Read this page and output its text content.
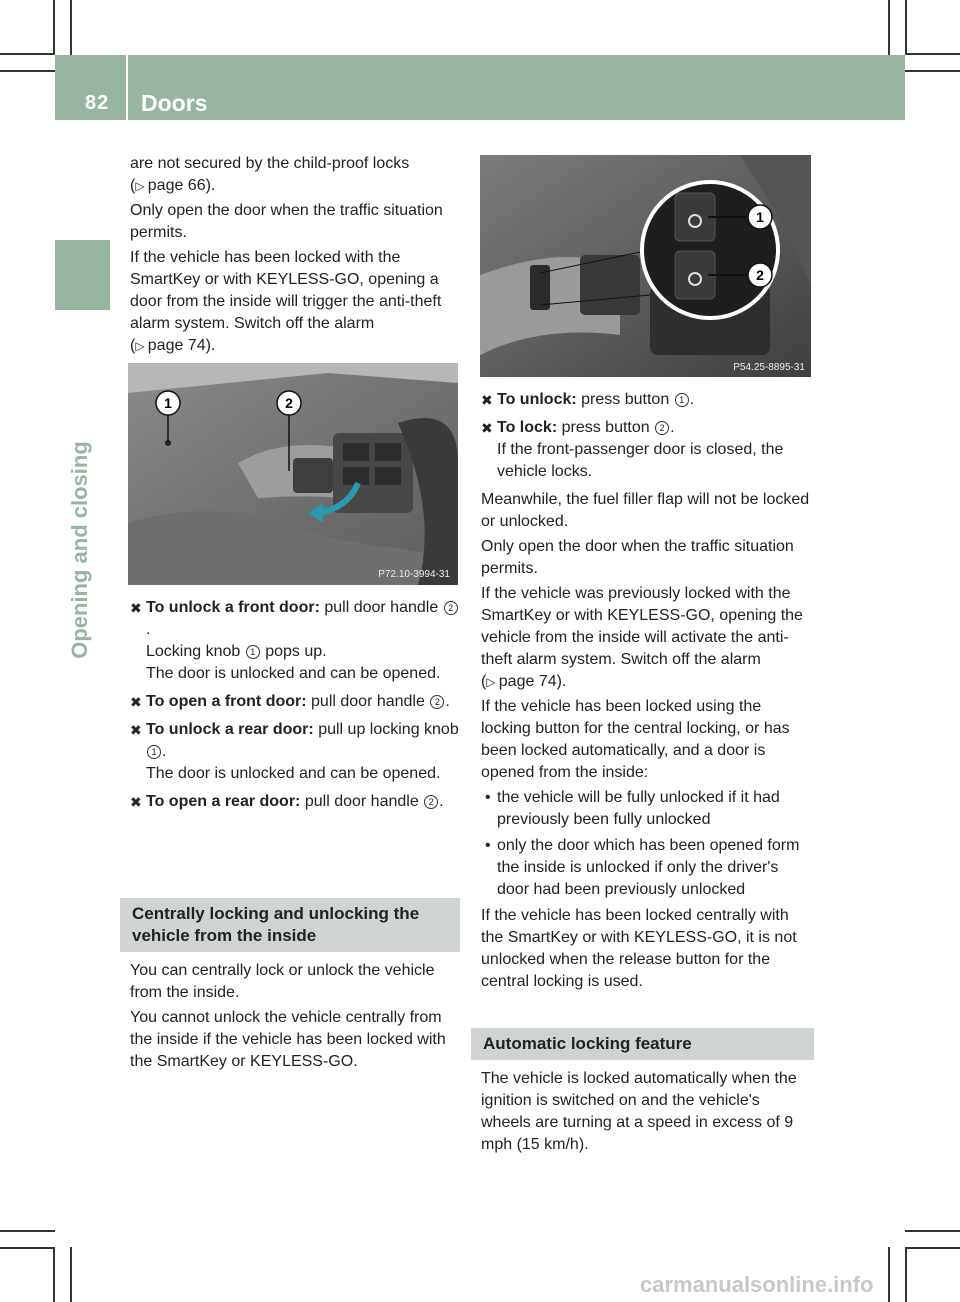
82	Doors
Opening and closing

are not secured by the child-proof locks
(▷  page 66).

Only open the door when the traffic situation permits.

If the vehicle has been locked with the SmartKey or with KEYLESS-GO, opening a door from the inside will trigger the anti-theft alarm system. Switch off the alarm
(▷  page 74).

1	2
P72.10-3994-31
✖ To unlock a front door: pull door handle 2.
Locking knob 1 pops up.
The door is unlocked and can be opened.
✖ To open a front door: pull door handle 2 .
✖ To unlock a rear door: pull up locking knob 1 .
The door is unlocked and can be opened.
✖ To open a rear door: pull door handle 2 .
Centrally locking and unlocking the vehicle from the inside

You can centrally lock or unlock the vehicle from the inside.

You cannot unlock the vehicle centrally from the inside if the vehicle has been locked with the SmartKey or KEYLESS-GO.

1
2
P54.25-8895-31
✖ To unlock: press button 1 .
✖ To lock: press button 2 .
If the front-passenger door is closed, the vehicle locks.

Meanwhile, the fuel filler flap will not be locked or unlocked.

Only open the door when the traffic situation permits.

If the vehicle was previously locked with the SmartKey or with KEYLESS-GO, opening the vehicle from the inside will activate the anti-theft alarm system. Switch off the alarm
(▷  page 74).

If the vehicle has been locked using the locking button for the central locking, or has been locked automatically, and a door is opened from the inside:

• the vehicle will be fully unlocked if it had previously been fully unlocked
• only the door which has been opened form the inside is unlocked if only the driver's door had been previously unlocked

If the vehicle has been locked centrally with the SmartKey or with KEYLESS-GO, it is not unlocked when the release button for the central locking is used.

Automatic locking feature

The vehicle is locked automatically when the ignition is switched on and the vehicle's wheels are turning at a speed in excess of 9 mph (15 km/h).

carmanualsonline.info
